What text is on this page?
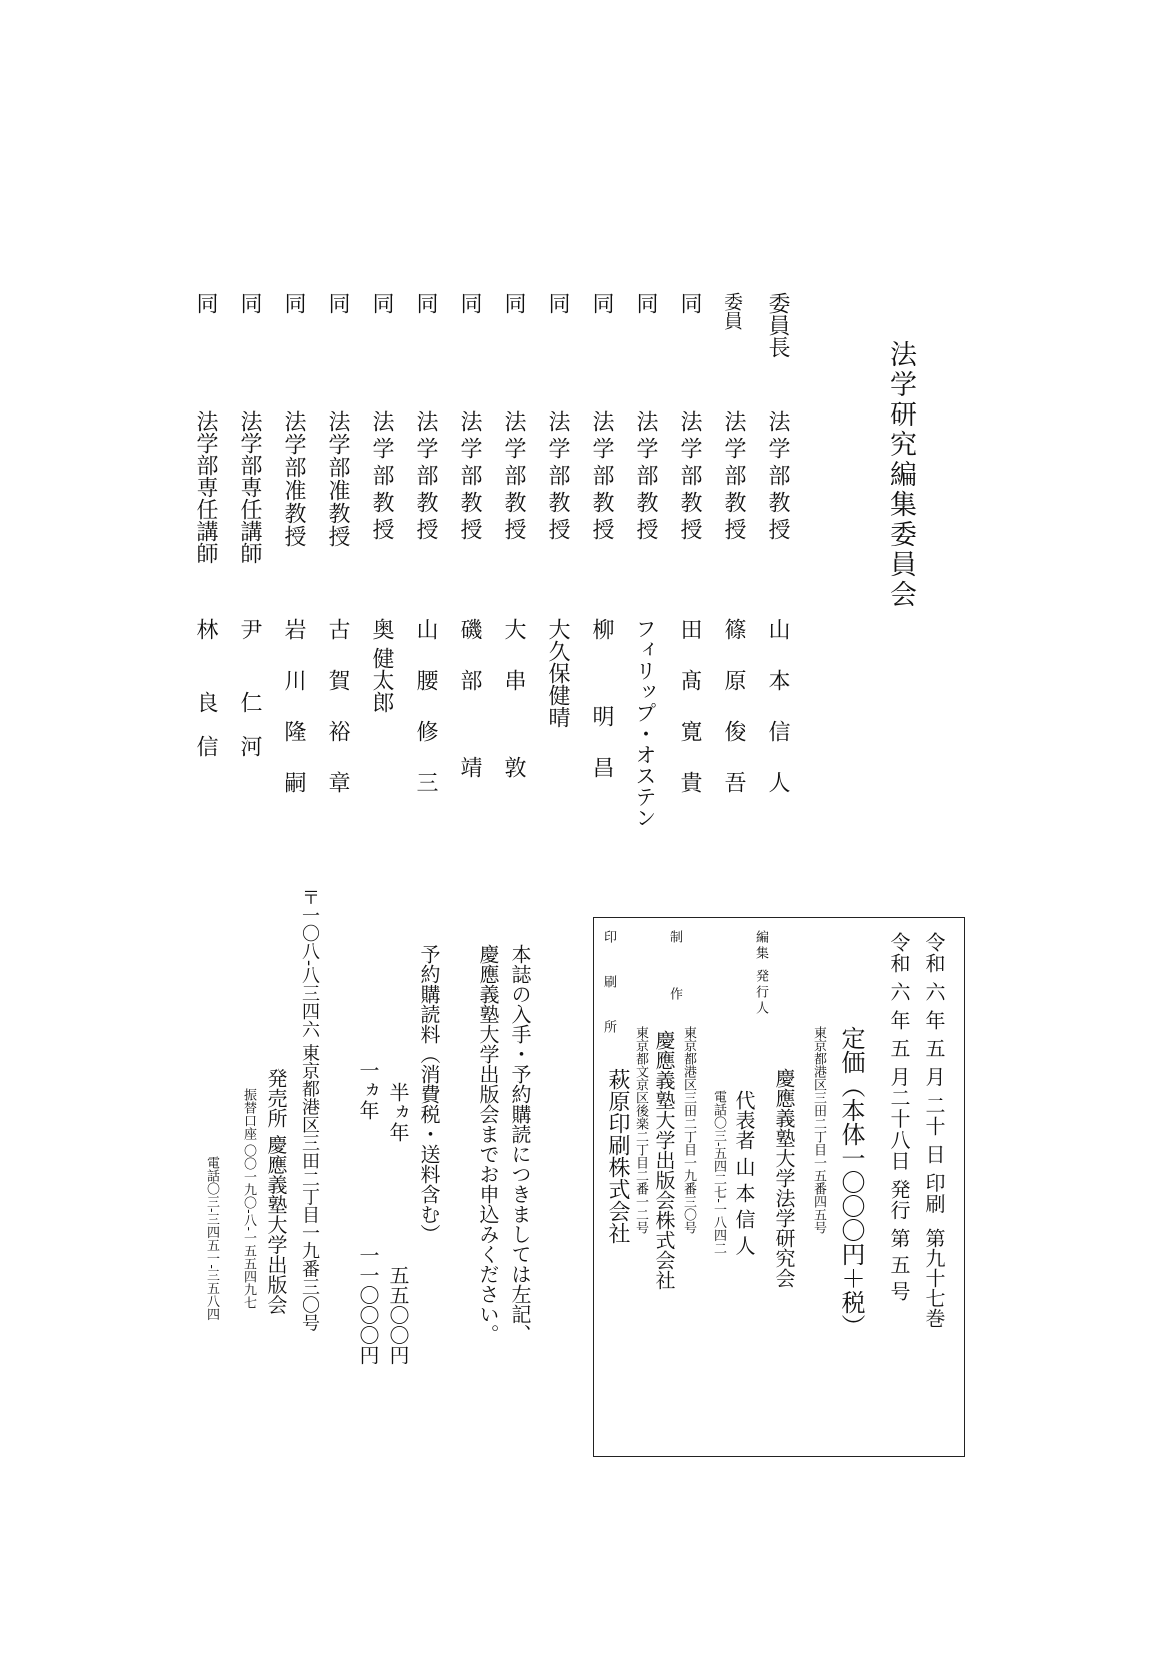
法学研究編集委員会
委員長
法学部教授
山本信人
委員
法学部教授
篠原俊吾
同
法学部教授
田髙寛貴
同
法学部教授
フィリップ・オステン
同
法学部教授
柳 明昌
同
法学部教授
大久保健晴
同
法学部教授
大串 敦
同
法学部教授
磯部 靖
同
法学部教授
山腰修三
同
法学部教授
奥 健太郎
同
法学部准教授
古賀裕章
同
法学部准教授
岩川隆嗣
同
法学部専任講師
尹 仁河
同
法学部専任講師
林 良信
令和 六 年 五 月 二十 日 印刷
第九十七巻
令和 六 年 五 月二十八日 発行
第 五 号
定価（本体一〇〇〇円＋税）
東京都港区三田二丁目一五番四五号
編集 発行人
慶應義塾大学法学研究会
代表者 山 本 信 人
電話〇三-五四二七-一八四二
制 作
東京都港区三田二丁目一九番三〇号
慶應義塾大学出版会株式会社
印 刷 所
東京都文京区後楽二丁目二番一二号
萩原印刷株式会社
本誌の入手・予約購読につきましては左記、
慶應義塾大学出版会までお申込みください。
予約購読料（消費税・送料含む）
半ヵ年
五五〇〇円
一ヵ年
一一〇〇〇円
〒一〇八-八三四六 東京都港区三田二丁目一九番三〇号
発売所 慶應義塾大学出版会
振替口座 〇〇一九〇-八-一五五四九七
電話〇三-三四五一-三五八四
